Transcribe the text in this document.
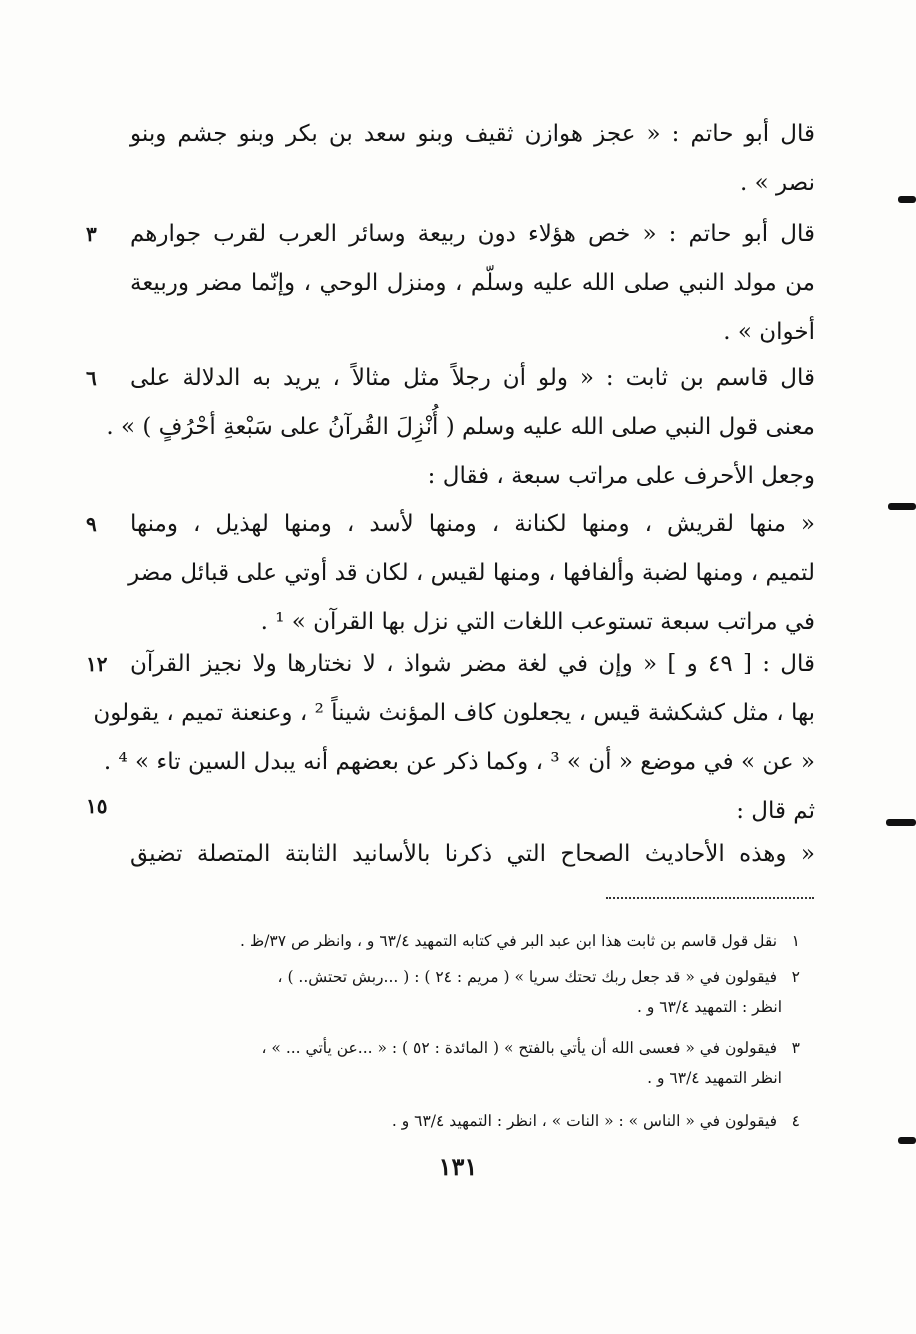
قال أبو حاتم : « عجز هوازن ثقيف وبنو سعد بن بكر وبنو جشم وبنو
نصر » .
قال أبو حاتم : « خص هؤلاء دون ربيعة وسائر العرب لقرب جوارهم
من مولد النبي صلى الله عليه وسلّم ، ومنزل الوحي ، وإنّما مضر وربيعة
أخوان » .
قال قاسم بن ثابت : « ولو أن رجلاً مثل مثالاً ، يريد به الدلالة على
معنى قول النبي صلى الله عليه وسلم ( أُنْزِلَ القُرآنُ على سَبْعةِ أحْرُفٍ ) » .
وجعل الأحرف على مراتب سبعة ، فقال :
« منها لقريش ، ومنها لكنانة ، ومنها لأسد ، ومنها لهذيل ، ومنها
لتميم ، ومنها لضبة وألفافها ، ومنها لقيس ، لكان قد أوتي على قبائل مضر
في مراتب سبعة تستوعب اللغات التي نزل بها القرآن » ¹ .
قال : [ ٤٩ و ] « وإن في لغة مضر شواذ ، لا نختارها ولا نجيز القرآن
بها ، مثل كشكشة قيس ، يجعلون كاف المؤنث شيناً ² ، وعنعنة تميم ، يقولون
« عن » في موضع « أن » ³ ، وكما ذكر عن بعضهم أنه يبدل السين تاء » ⁴ .
ثم قال :
« وهذه الأحاديث الصحاح التي ذكرنا بالأسانيد الثابتة المتصلة تضيق
٣
٦
٩
١٢
١٥
١ نقل قول قاسم بن ثابت هذا ابن عبد البر في كتابه التمهيد ٦٣/٤ و ، وانظر ص ٣٧/ظ .
٢ فيقولون في « قد جعل ربك تحتك سريا » ( مريم : ٢٤ ) : ( ...ربش تحتش.. ) ،
انظر : التمهيد ٦٣/٤ و .
٣ فيقولون في « فعسى الله أن يأتي بالفتح » ( المائدة : ٥٢ ) : « ...عن يأتي ... » ،
انظر التمهيد ٦٣/٤ و .
٤ فيقولون في « الناس » : « النات » ، انظر : التمهيد ٦٣/٤ و .
١٣١
